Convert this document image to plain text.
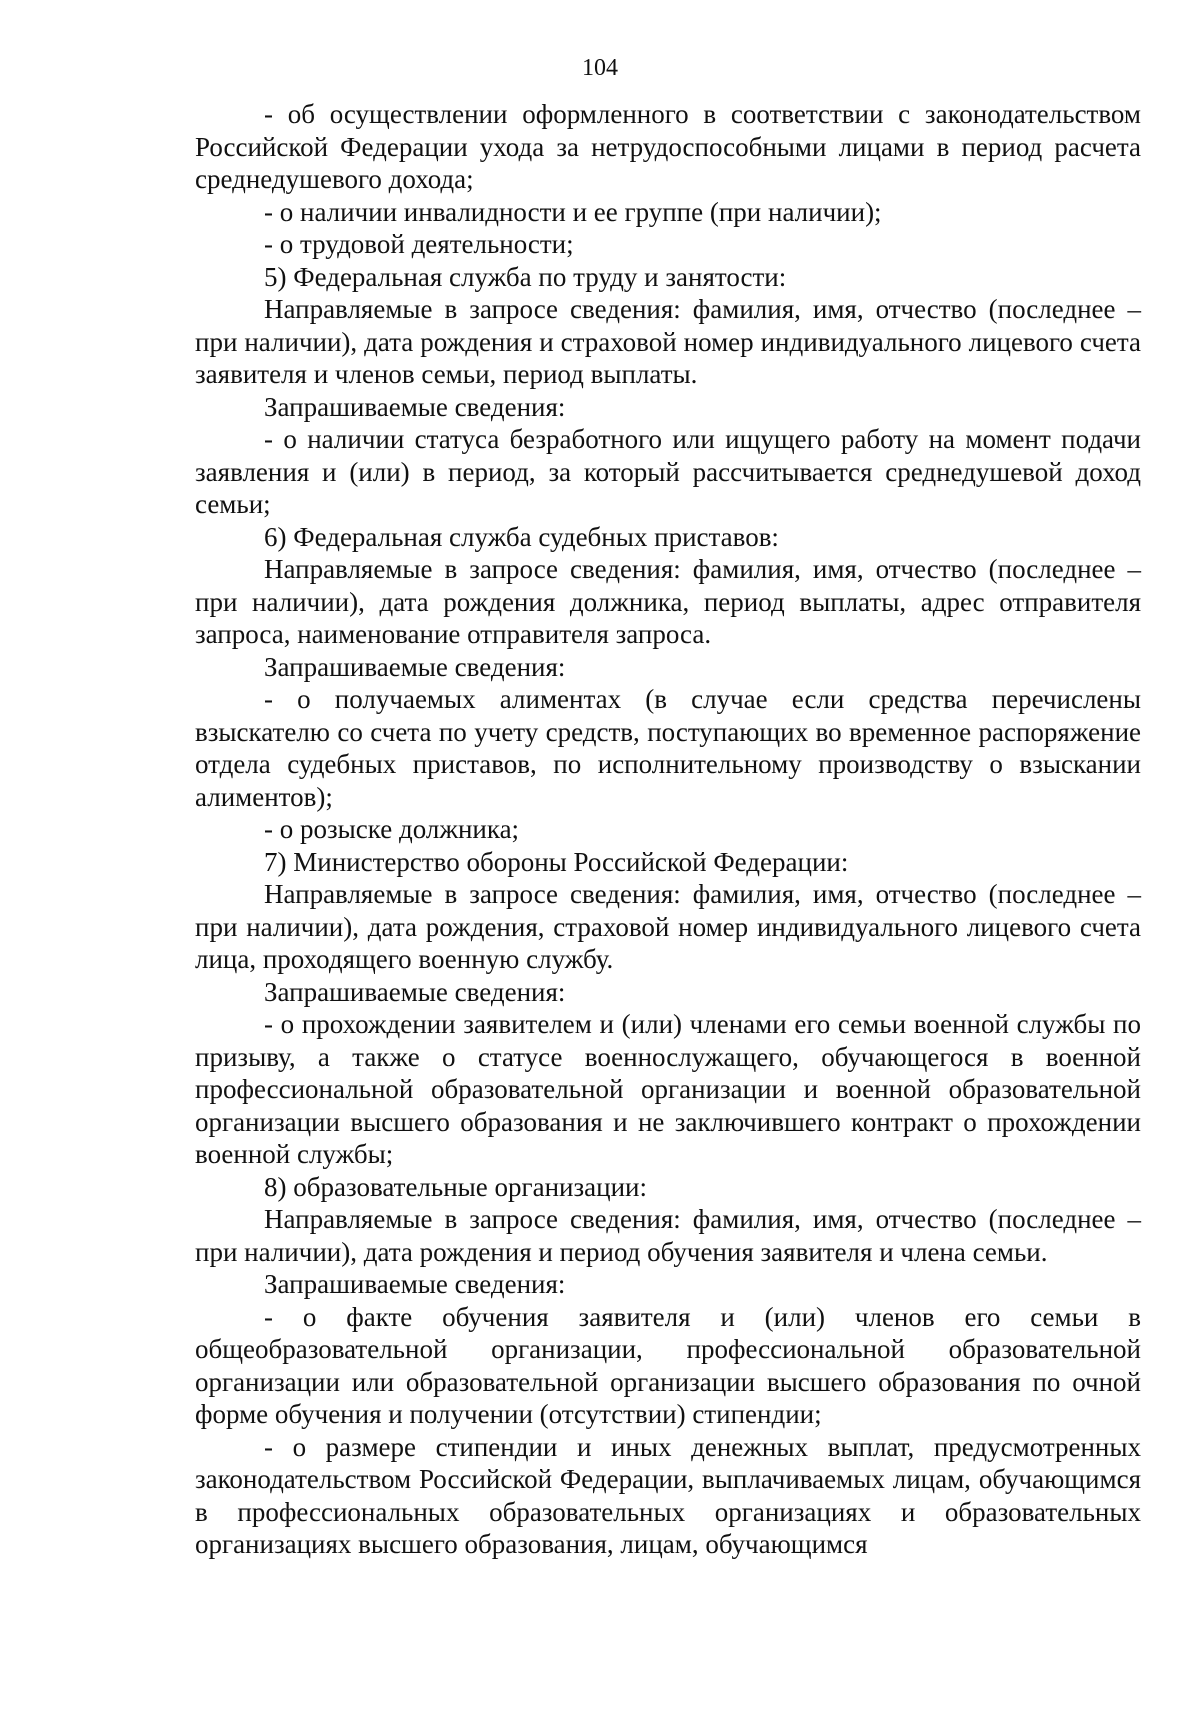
104

- об осуществлении оформленного в соответствии с законодательством Российской Федерации ухода за нетрудоспособными лицами в период расчета среднедушевого дохода;

- о наличии инвалидности и ее группе (при наличии);

- о трудовой деятельности;

5) Федеральная служба по труду и занятости:

Направляемые в запросе сведения: фамилия, имя, отчество (последнее – при наличии), дата рождения и страховой номер индивидуального лицевого счета заявителя и членов семьи, период выплаты.

Запрашиваемые сведения:

- о наличии статуса безработного или ищущего работу на момент подачи заявления и (или) в период, за который рассчитывается среднедушевой доход семьи;

6) Федеральная служба судебных приставов:

Направляемые в запросе сведения: фамилия, имя, отчество (последнее – при наличии), дата рождения должника, период выплаты, адрес отправителя запроса, наименование отправителя запроса.

Запрашиваемые сведения:

- о получаемых алиментах (в случае если средства перечислены взыскателю со счета по учету средств, поступающих во временное распоряжение отдела судебных приставов, по исполнительному производству о взыскании алиментов);

- о розыске должника;

7) Министерство обороны Российской Федерации:

Направляемые в запросе сведения: фамилия, имя, отчество (последнее – при наличии), дата рождения, страховой номер индивидуального лицевого счета лица, проходящего военную службу.

Запрашиваемые сведения:

- о прохождении заявителем и (или) членами его семьи военной службы по призыву, а также о статусе военнослужащего, обучающегося в военной профессиональной образовательной организации и военной образовательной организации высшего образования и не заключившего контракт о прохождении военной службы;

8) образовательные организации:

Направляемые в запросе сведения: фамилия, имя, отчество (последнее – при наличии), дата рождения и период обучения заявителя и члена семьи.

Запрашиваемые сведения:

- о факте обучения заявителя и (или) членов его семьи в общеобразовательной организации, профессиональной образовательной организации или образовательной организации высшего образования по очной форме обучения и получении (отсутствии) стипендии;

- о размере стипендии и иных денежных выплат, предусмотренных законодательством Российской Федерации, выплачиваемых лицам, обучающимся в профессиональных образовательных организациях и образовательных организациях высшего образования, лицам, обучающимся
